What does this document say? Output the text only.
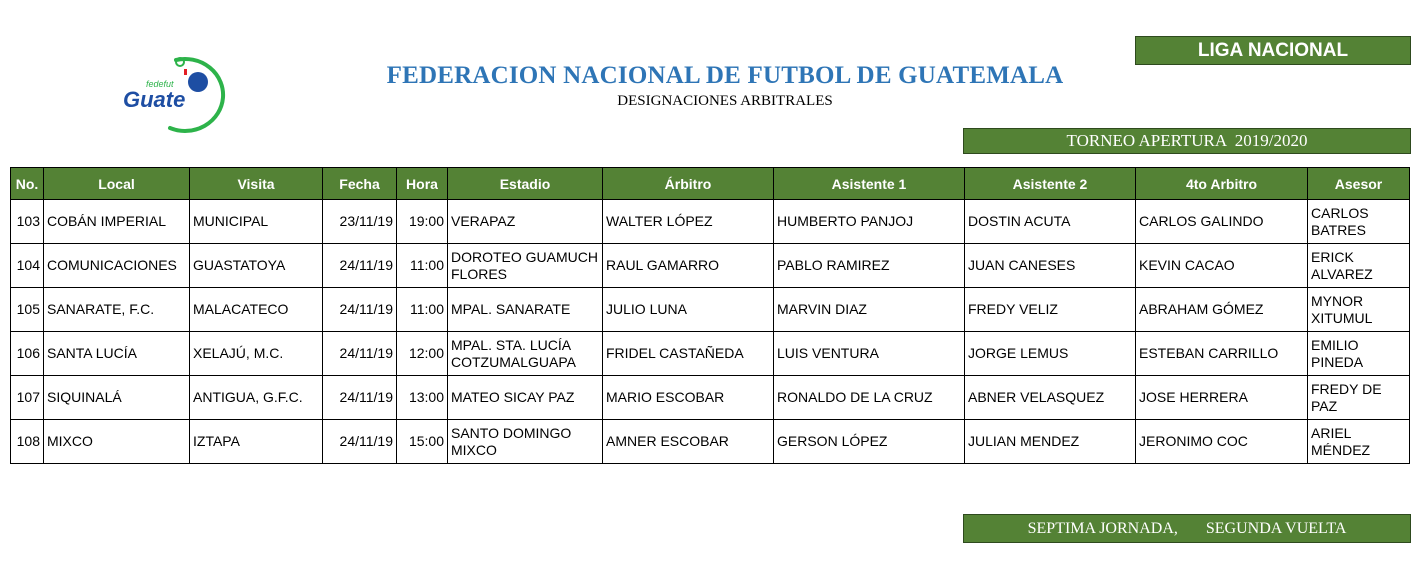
fedefut
Guate
LIGA NACIONAL
FEDERACION NACIONAL DE FUTBOL DE GUATEMALA
DESIGNACIONES ARBITRALES
TORNEO APERTURA  2019/2020
No.	Local	Visita	Fecha	Hora	Estadio	Árbitro	Asistente 1	Asistente 2	4to Arbitro	Asesor
103	COBÁN IMPERIAL	MUNICIPAL	23/11/19	19:00	VERAPAZ	WALTER LÓPEZ	HUMBERTO PANJOJ	DOSTIN ACUTA	CARLOS GALINDO	CARLOS BATRES
104	COMUNICACIONES	GUASTATOYA	24/11/19	11:00	DOROTEO GUAMUCH FLORES	RAUL GAMARRO	PABLO RAMIREZ	JUAN CANESES	KEVIN CACAO	ERICK ALVAREZ
105	SANARATE, F.C.	MALACATECO	24/11/19	11:00	MPAL. SANARATE	JULIO LUNA	MARVIN DIAZ	FREDY VELIZ	ABRAHAM GÓMEZ	MYNOR XITUMUL
106	SANTA LUCÍA	XELAJÚ, M.C.	24/11/19	12:00	MPAL. STA. LUCÍA COTZUMALGUAPA	FRIDEL CASTAÑEDA	LUIS VENTURA	JORGE LEMUS	ESTEBAN CARRILLO	EMILIO PINEDA
107	SIQUINALÁ	ANTIGUA, G.F.C.	24/11/19	13:00	MATEO SICAY PAZ	MARIO ESCOBAR	RONALDO DE LA CRUZ	ABNER VELASQUEZ	JOSE HERRERA	FREDY DE PAZ
108	MIXCO	IZTAPA	24/11/19	15:00	SANTO DOMINGO MIXCO	AMNER ESCOBAR	GERSON LÓPEZ	JULIAN MENDEZ	JERONIMO COC	ARIEL MÉNDEZ
SEPTIMA JORNADA,       SEGUNDA VUELTA
